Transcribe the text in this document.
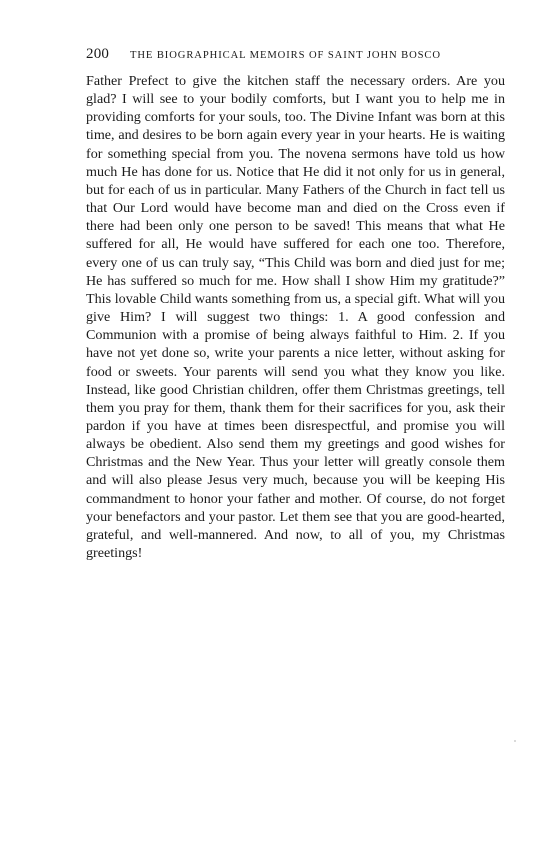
200	THE BIOGRAPHICAL MEMOIRS OF SAINT JOHN BOSCO

Father Prefect to give the kitchen staff the necessary orders. Are you glad? I will see to your bodily comforts, but I want you to help me in providing comforts for your souls, too. The Divine Infant was born at this time, and desires to be born again every year in your hearts. He is waiting for something special from you. The novena sermons have told us how much He has done for us. Notice that He did it not only for us in general, but for each of us in particular. Many Fathers of the Church in fact tell us that Our Lord would have become man and died on the Cross even if there had been only one person to be saved! This means that what He suffered for all, He would have suffered for each one too. Therefore, every one of us can truly say, “This Child was born and died just for me; He has suffered so much for me. How shall I show Him my gratitude?” This lovable Child wants something from us, a special gift. What will you give Him? I will suggest two things: 1. A good confession and Communion with a promise of being always faithful to Him. 2. If you have not yet done so, write your parents a nice letter, without asking for food or sweets. Your parents will send you what they know you like. Instead, like good Christian children, offer them Christmas greetings, tell them you pray for them, thank them for their sacrifices for you, ask their pardon if you have at times been disrespectful, and promise you will always be obedient. Also send them my greetings and good wishes for Christmas and the New Year. Thus your letter will greatly console them and will also please Jesus very much, because you will be keeping His commandment to honor your father and mother. Of course, do not forget your benefactors and your pastor. Let them see that you are good-hearted, grateful, and well-mannered. And now, to all of you, my Christmas greetings!
